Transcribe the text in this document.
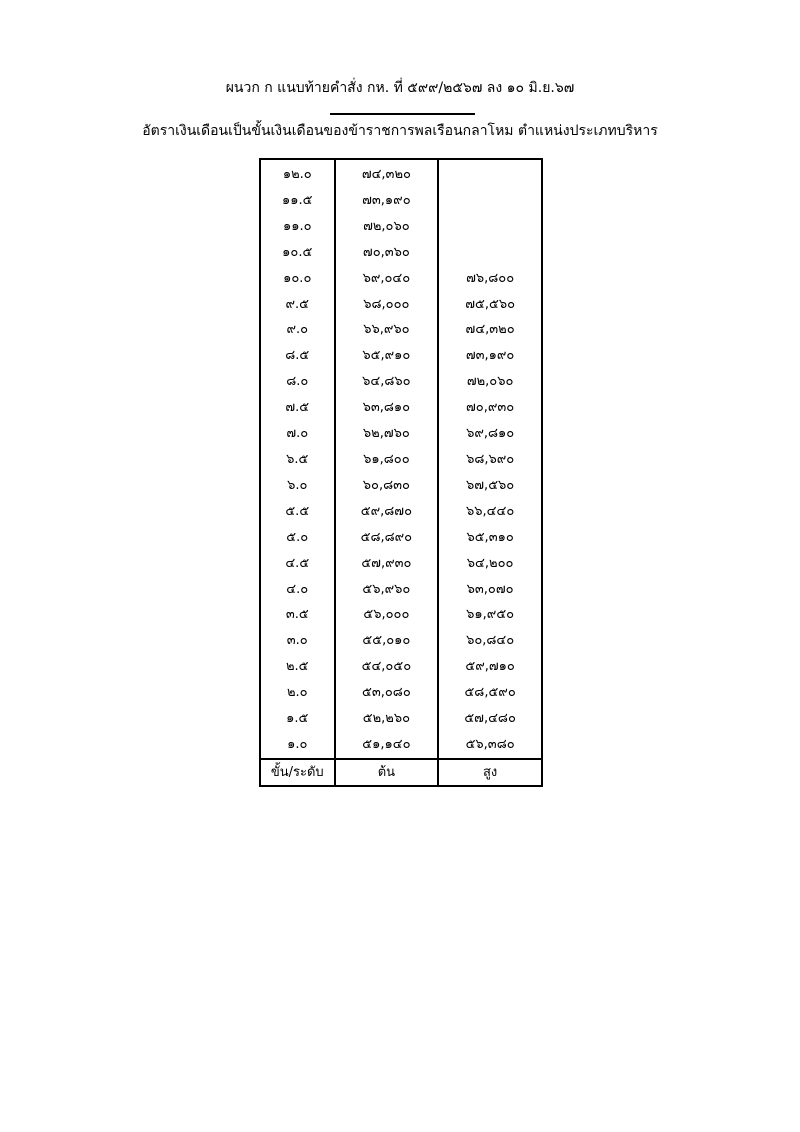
ผนวก ก แนบท้ายคำสั่ง กห. ที่ ๕๙๙/๒๕๖๗ ลง ๑๐ มิ.ย.๖๗
อัตราเงินเดือนเป็นขั้นเงินเดือนของข้าราชการพลเรือนกลาโหม ตำแหน่งประเภทบริหาร
๑๒.๐	๗๔,๓๒๐	
๑๑.๕	๗๓,๑๙๐	
๑๑.๐	๗๒,๐๖๐	
๑๐.๕	๗๐,๓๖๐	
๑๐.๐	๖๙,๐๔๐	๗๖,๘๐๐
๙.๕	๖๘,๐๐๐	๗๕,๕๖๐
๙.๐	๖๖,๙๖๐	๗๔,๓๒๐
๘.๕	๖๕,๙๑๐	๗๓,๑๙๐
๘.๐	๖๔,๘๖๐	๗๒,๐๖๐
๗.๕	๖๓,๘๑๐	๗๐,๙๓๐
๗.๐	๖๒,๗๖๐	๖๙,๘๑๐
๖.๕	๖๑,๘๐๐	๖๘,๖๙๐
๖.๐	๖๐,๘๓๐	๖๗,๕๖๐
๕.๕	๕๙,๘๗๐	๖๖,๔๔๐
๕.๐	๕๘,๘๙๐	๖๕,๓๑๐
๔.๕	๕๗,๙๓๐	๖๔,๒๐๐
๔.๐	๕๖,๙๖๐	๖๓,๐๗๐
๓.๕	๕๖,๐๐๐	๖๑,๙๕๐
๓.๐	๕๕,๐๑๐	๖๐,๘๔๐
๒.๕	๕๔,๐๕๐	๕๙,๗๑๐
๒.๐	๕๓,๐๘๐	๕๘,๕๙๐
๑.๕	๕๒,๒๖๐	๕๗,๔๘๐
๑.๐	๕๑,๑๔๐	๕๖,๓๘๐
ขั้น/ระดับ	ต้น	สูง
